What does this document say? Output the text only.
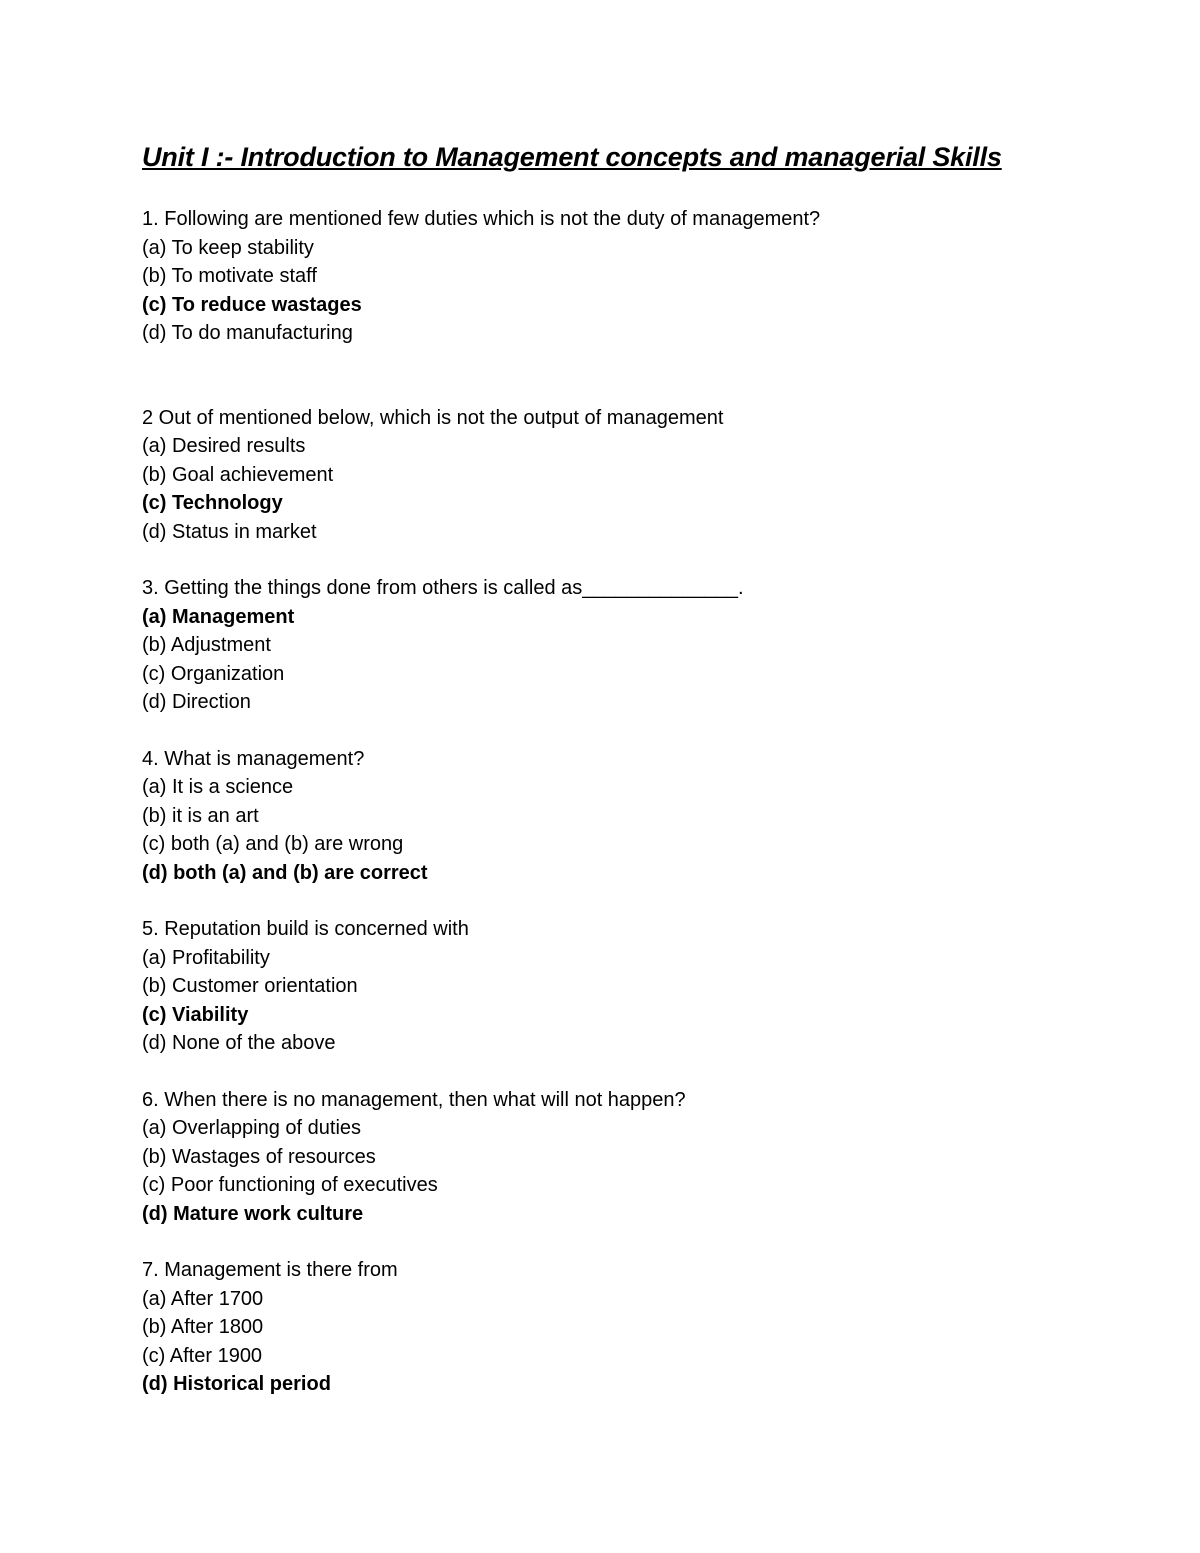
Unit I :- Introduction to Management concepts and managerial Skills
1. Following are mentioned few duties which is not the duty of management?
(a) To keep stability
(b) To motivate staff
(c) To reduce wastages
(d) To do manufacturing
2 Out of mentioned below, which is not the output of management
(a) Desired results
(b) Goal achievement
(c) Technology
(d) Status in market
3. Getting the things done from others is called as______________.
(a) Management
(b) Adjustment
(c) Organization
(d) Direction
4. What is management?
(a) It is a science
(b) it is an art
(c) both (a) and (b) are wrong
(d) both (a) and (b) are correct
5. Reputation build is concerned with
(a) Profitability
(b) Customer orientation
(c) Viability
(d) None of the above
6. When there is no management, then what will not happen?
(a) Overlapping of duties
(b) Wastages of resources
(c) Poor functioning of executives
(d) Mature work culture
7. Management is there from
(a) After 1700
(b) After 1800
(c) After 1900
(d) Historical period
